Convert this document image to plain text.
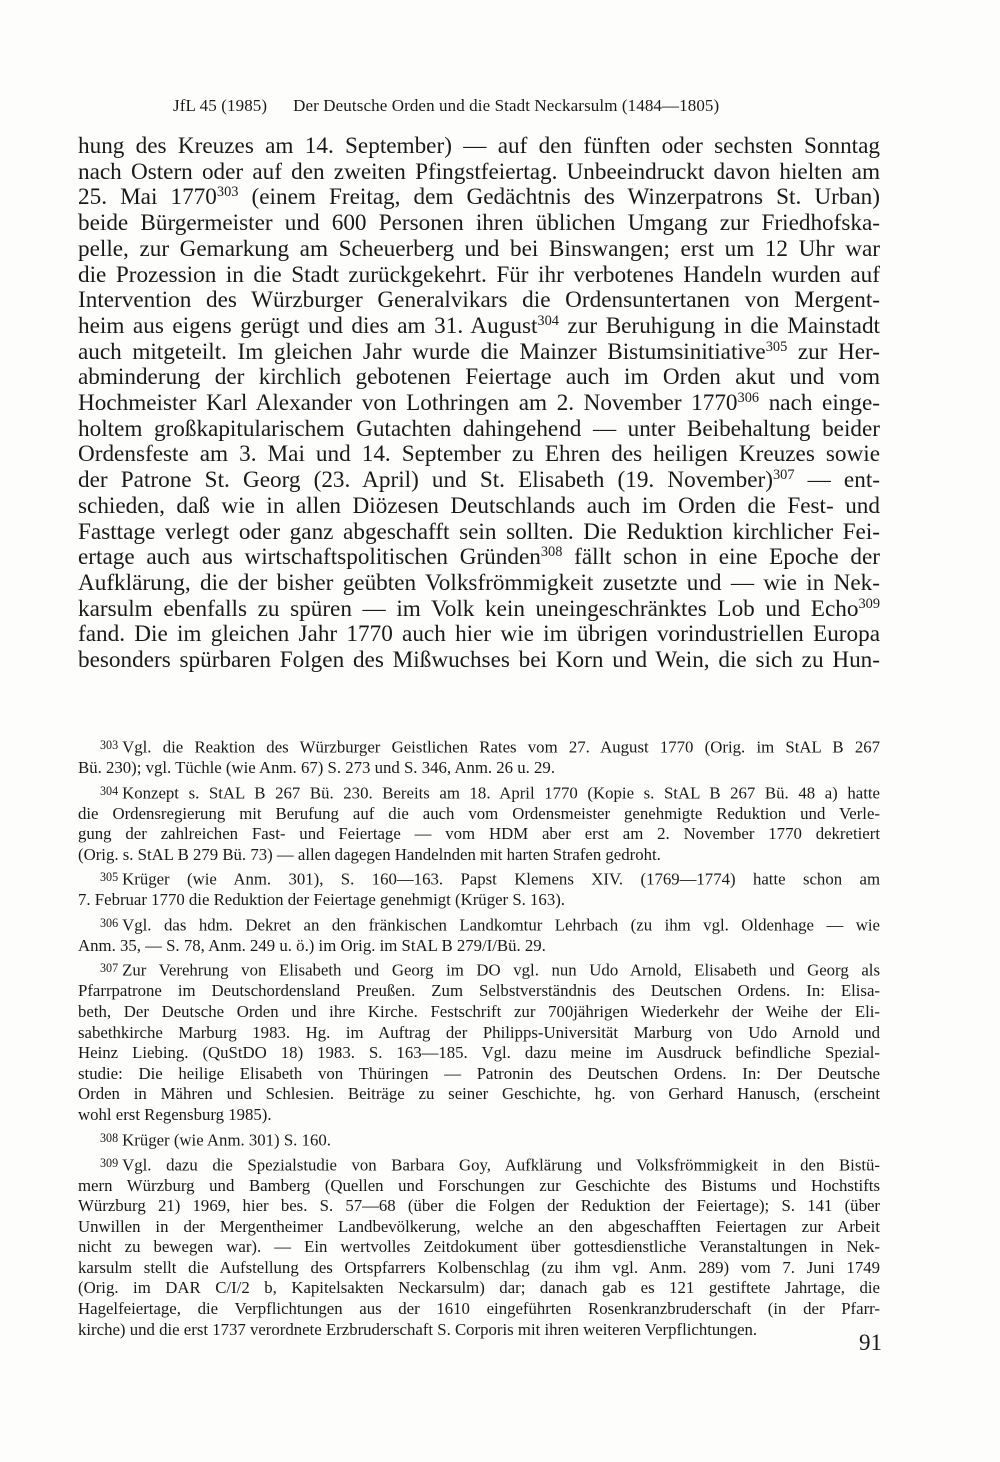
JfL 45 (1985) Der Deutsche Orden und die Stadt Neckarsulm (1484—1805)

hung des Kreuzes am 14. September) — auf den fünften oder sechsten Sonntag
nach Ostern oder auf den zweiten Pfingstfeiertag. Unbeeindruckt davon hielten am
25. Mai 1770$^{303}$ (einem Freitag, dem Gedächtnis des Winzerpatrons St. Urban)
beide Bürgermeister und 600 Personen ihren üblichen Umgang zur Friedhofska-
pelle, zur Gemarkung am Scheuerberg und bei Binswangen; erst um 12 Uhr war
die Prozession in die Stadt zurückgekehrt. Für ihr verbotenes Handeln wurden auf
Intervention des Würzburger Generalvikars die Ordensuntertanen von Mergent-
heim aus eigens gerügt und dies am 31. August$^{304}$ zur Beruhigung in die Mainstadt
auch mitgeteilt. Im gleichen Jahr wurde die Mainzer Bistumsinitiative$^{305}$ zur Her-
abminderung der kirchlich gebotenen Feiertage auch im Orden akut und vom
Hochmeister Karl Alexander von Lothringen am 2. November 1770$^{306}$ nach einge-
holtem großkapitularischem Gutachten dahingehend — unter Beibehaltung beider
Ordensfeste am 3. Mai und 14. September zu Ehren des heiligen Kreuzes sowie
der Patrone St. Georg (23. April) und St. Elisabeth (19. November)$^{307}$ — ent-
schieden, daß wie in allen Diözesen Deutschlands auch im Orden die Fest- und
Fasttage verlegt oder ganz abgeschafft sein sollten. Die Reduktion kirchlicher Fei-
ertage auch aus wirtschaftspolitischen Gründen$^{308}$ fällt schon in eine Epoche der
Aufklärung, die der bisher geübten Volksfrömmigkeit zusetzte und — wie in Nek-
karsulm ebenfalls zu spüren — im Volk kein uneingeschränktes Lob und Echo$^{309}$
fand. Die im gleichen Jahr 1770 auch hier wie im übrigen vorindustriellen Europa
besonders spürbaren Folgen des Mißwuchses bei Korn und Wein, die sich zu Hun-

$^{303}$ Vgl. die Reaktion des Würzburger Geistlichen Rates vom 27. August 1770 (Orig. im StAL B 267
Bü. 230); vgl. Tüchle (wie Anm. 67) S. 273 und S. 346, Anm. 26 u. 29.
$^{304}$ Konzept s. StAL B 267 Bü. 230. Bereits am 18. April 1770 (Kopie s. StAL B 267 Bü. 48 a) hatte
die Ordensregierung mit Berufung auf die auch vom Ordensmeister genehmigte Reduktion und Verle-
gung der zahlreichen Fast- und Feiertage — vom HDM aber erst am 2. November 1770 dekretiert
(Orig. s. StAL B 279 Bü. 73) — allen dagegen Handelnden mit harten Strafen gedroht.
$^{305}$ Krüger (wie Anm. 301), S. 160—163. Papst Klemens XIV. (1769—1774) hatte schon am
7. Februar 1770 die Reduktion der Feiertage genehmigt (Krüger S. 163).
$^{306}$ Vgl. das hdm. Dekret an den fränkischen Landkomtur Lehrbach (zu ihm vgl. Oldenhage — wie
Anm. 35, — S. 78, Anm. 249 u. ö.) im Orig. im StAL B 279/I/Bü. 29.
$^{307}$ Zur Verehrung von Elisabeth und Georg im DO vgl. nun Udo Arnold, Elisabeth und Georg als
Pfarrpatrone im Deutschordensland Preußen. Zum Selbstverständnis des Deutschen Ordens. In: Elisa-
beth, Der Deutsche Orden und ihre Kirche. Festschrift zur 700jährigen Wiederkehr der Weihe der Eli-
sabethkirche Marburg 1983. Hg. im Auftrag der Philipps-Universität Marburg von Udo Arnold und
Heinz Liebing. (QuStDO 18) 1983. S. 163—185. Vgl. dazu meine im Ausdruck befindliche Spezial-
studie: Die heilige Elisabeth von Thüringen — Patronin des Deutschen Ordens. In: Der Deutsche
Orden in Mähren und Schlesien. Beiträge zu seiner Geschichte, hg. von Gerhard Hanusch, (erscheint
wohl erst Regensburg 1985).
$^{308}$ Krüger (wie Anm. 301) S. 160.
$^{309}$ Vgl. dazu die Spezialstudie von Barbara Goy, Aufklärung und Volksfrömmigkeit in den Bistü-
mern Würzburg und Bamberg (Quellen und Forschungen zur Geschichte des Bistums und Hochstifts
Würzburg 21) 1969, hier bes. S. 57—68 (über die Folgen der Reduktion der Feiertage); S. 141 (über
Unwillen in der Mergentheimer Landbevölkerung, welche an den abgeschafften Feiertagen zur Arbeit
nicht zu bewegen war). — Ein wertvolles Zeitdokument über gottesdienstliche Veranstaltungen in Nek-
karsulm stellt die Aufstellung des Ortspfarrers Kolbenschlag (zu ihm vgl. Anm. 289) vom 7. Juni 1749
(Orig. im DAR C/I/2 b, Kapitelsakten Neckarsulm) dar; danach gab es 121 gestiftete Jahrtage, die
Hagelfeiertage, die Verpflichtungen aus der 1610 eingeführten Rosenkranzbruderschaft (in der Pfarr-
kirche) und die erst 1737 verordnete Erzbruderschaft S. Corporis mit ihren weiteren Verpflichtungen.
91
